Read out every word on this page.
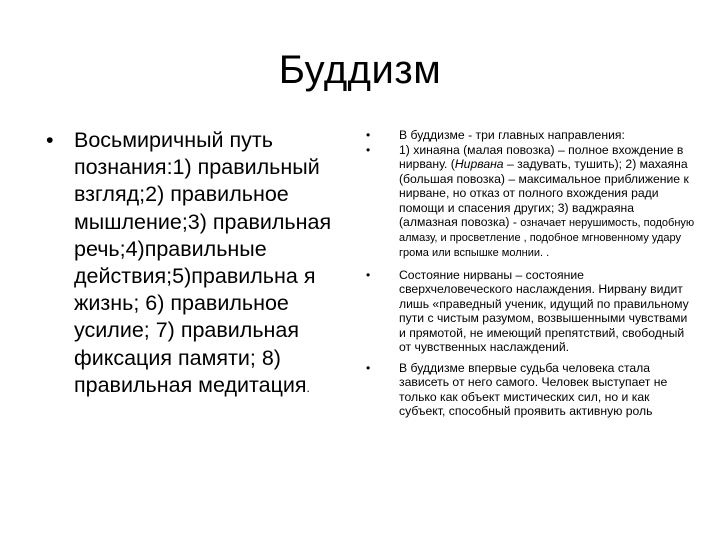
Буддизм
• Восьмиричный путь познания:1) правильный взгляд;2) правильное мышление;3) правильная речь;4)правильные действия;5)правильна я жизнь; 6) правильное усилие; 7) правильная фиксация памяти; 8) правильная медитация.
• В буддизме - три главных направления:
• 1) хинаяна (малая повозка) – полное вхождение в нирвану. (Нирвана – задувать, тушить); 2) махаяна (большая повозка) – максимальное приближение к нирване, но отказ от полного вхождения ради помощи и спасения других; 3) ваджраяна (алмазная повозка) - означает нерушимость, подобную алмазу, и просветление , подобное мгновенному удару грома или вспышке молнии. .
• Состояние нирваны – состояние сверхчеловеческого наслаждения. Нирвану видит лишь «праведный ученик, идущий по правильному пути с чистым разумом, возвышенными чувствами и прямотой, не имеющий препятствий, свободный от чувственных наслаждений.
• В буддизме впервые судьба человека стала зависеть от него самого. Человек выступает не только как объект мистических сил, но и как субъект, способный проявить активную роль
